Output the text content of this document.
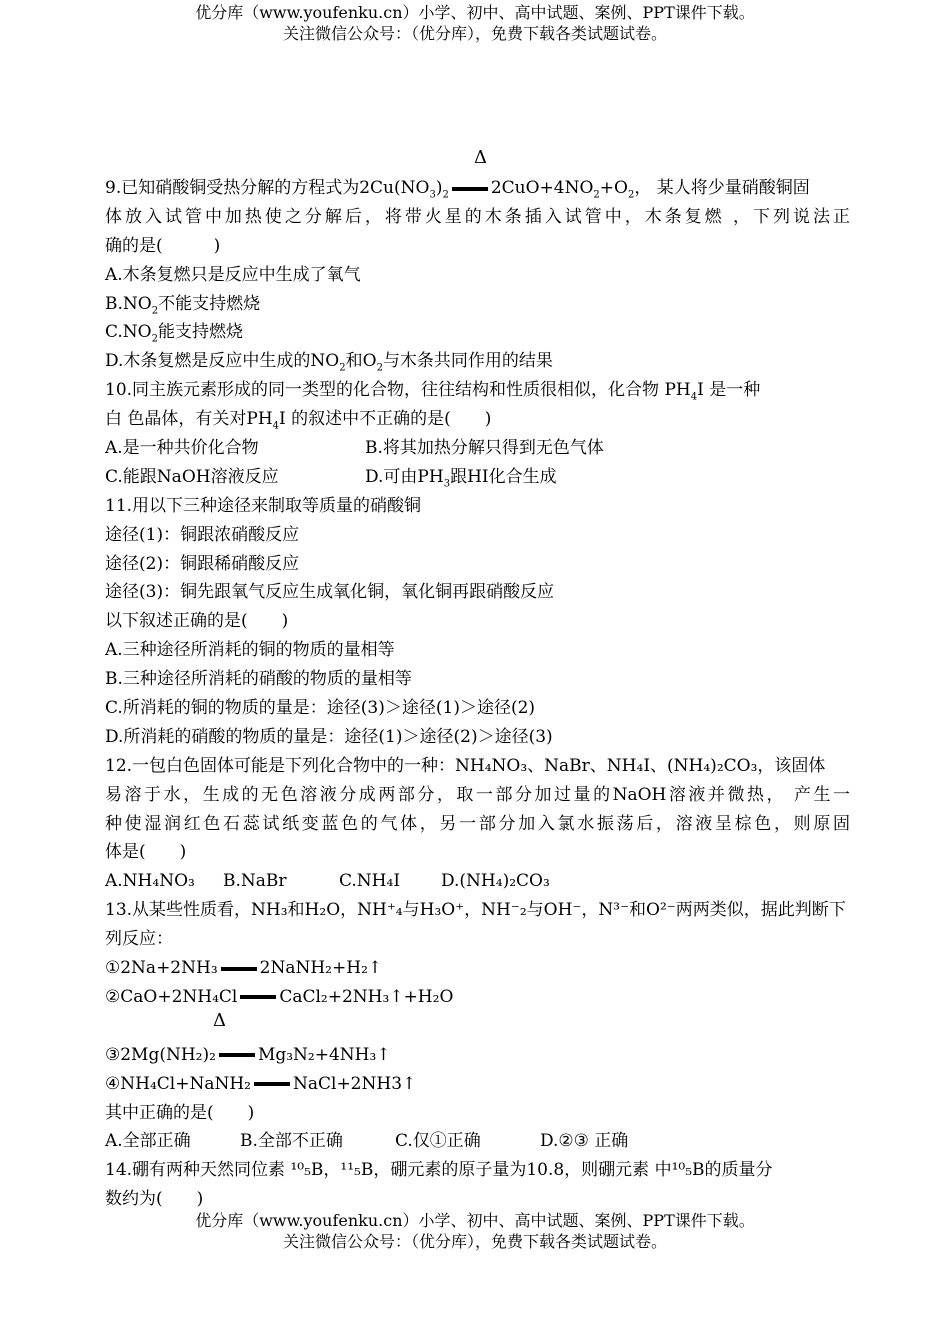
优分库（www.youfenku.cn）小学、初中、高中试题、案例、PPT课件下载。
关注微信公众号：（优分库），免费下载各类试题试卷。
Δ
Δ
9.已知硝酸铜受热分解的方程式为$2Cu(NO_3)_2$ $2CuO+4NO_2+O_2$， 某人将少量硝酸铜固
体放入试管中加热使之分解后，将带火星的木条插入试管中，木条复燃 ，下列说法正
确的是(　　　)
A.木条复燃只是反应中生成了氧气
$B.NO_2$不能支持燃烧
$C.NO_2$能支持燃烧
D.木条复燃是反应中生成的$NO_2$和$O_2$与木条共同作用的结果
10.同主族元素形成的同一类型的化合物，往往结构和性质很相似，化合物 $PH_4I$ 是一种
白 色晶体，有关对$PH_4I$ 的叙述中不正确的是(　　)
A.是一种共价化合物	B.将其加热分解只得到无色气体
C.能跟NaOH溶液反应	D.可由$PH_3$跟HI化合生成
11.用以下三种途径来制取等质量的硝酸铜
途径(1)：铜跟浓硝酸反应
途径(2)：铜跟稀硝酸反应
途径(3)：铜先跟氧气反应生成氧化铜，氧化铜再跟硝酸反应
以下叙述正确的是(　　)
A.三种途径所消耗的铜的物质的量相等
B.三种途径所消耗的硝酸的物质的量相等
C.所消耗的铜的物质的量是：途径(3)＞途径(1)＞途径(2)
D.所消耗的硝酸的物质的量是：途径(1)＞途径(2)＞途径(3)
12.一包白色固体可能是下列化合物中的一种：NH₄NO₃、NaBr、NH₄I、(NH₄)₂CO₃，该固体
易溶于水，生成的无色溶液分成两部分，取一部分加过量的NaOH溶液并微热， 产生一
种使湿润红色石蕊试纸变蓝色的气体，另一部分加入氯水振荡后，溶液呈棕色，则原固
体是(　　)
A.NH₄NO₃ B.NaBr	C.NH₄I D.(NH₄)₂CO₃
13.从某些性质看，NH₃和H₂O，NH⁺₄与H₃O⁺，NH⁻₂与OH⁻，N³⁻和O²⁻两两类似，据此判断下
列反应：
①2Na+2NH₃ 2NaNH₂+H₂↑
②CaO+2NH₄Cl CaCl₂+2NH₃↑+H₂O
③2Mg(NH₂)₂ Mg₃N₂+4NH₃↑
④NH₄Cl+NaNH₂ NaCl+2NH3↑
其中正确的是(　　)
A.全部正确	B.全部不正确	C.仅①正确	D.②③ 正确
14.硼有两种天然同位素 ¹⁰₅B，¹¹₅B，硼元素的原子量为10.8，则硼元素 中¹⁰₅B的质量分
数约为(　　)
优分库（www.youfenku.cn）小学、初中、高中试题、案例、PPT课件下载。
关注微信公众号：（优分库），免费下载各类试题试卷。
